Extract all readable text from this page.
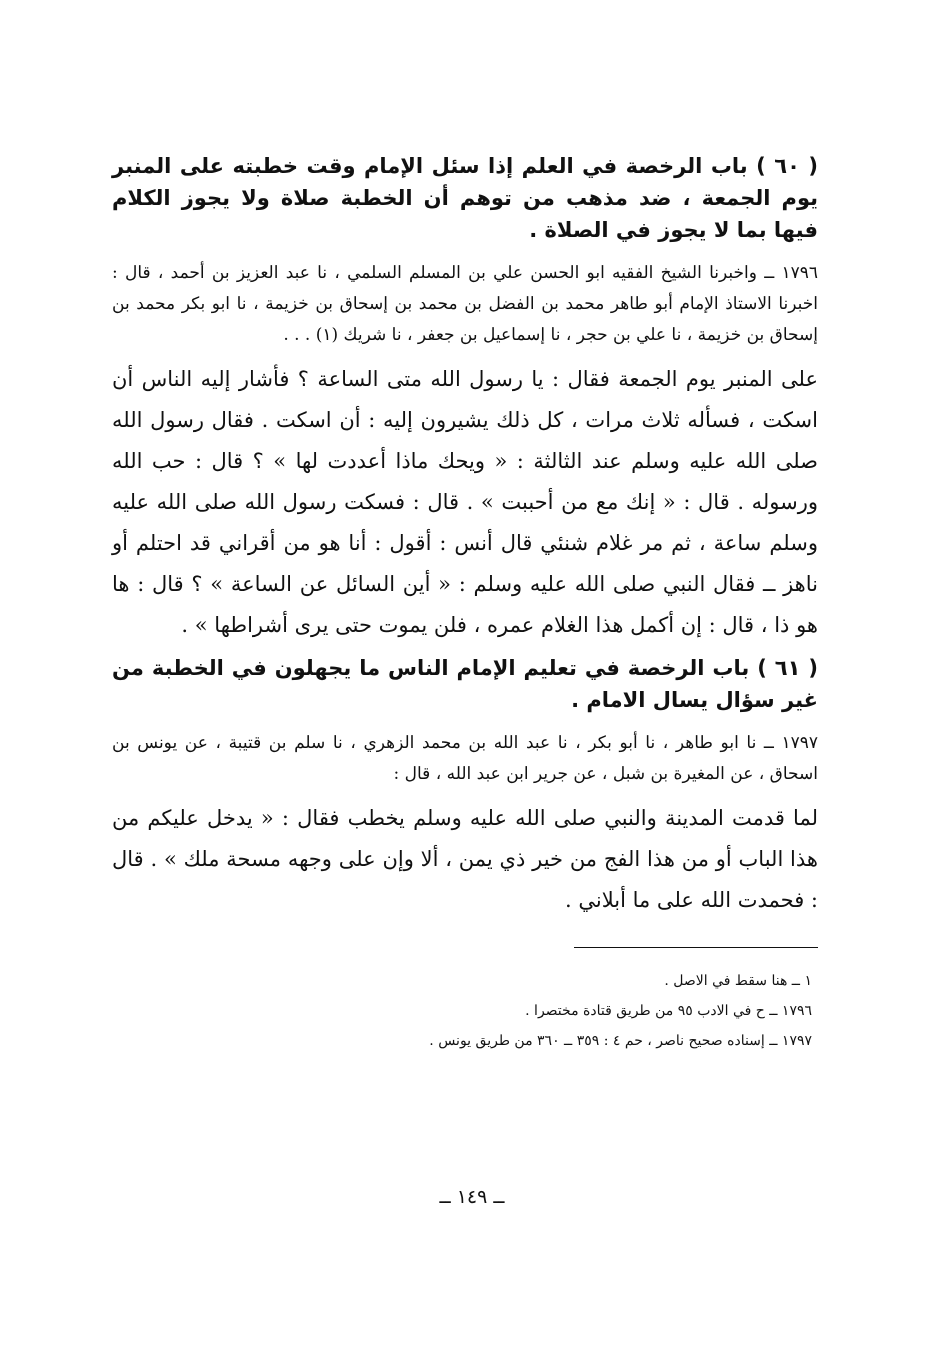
( ٦٠ ) باب الرخصة في العلم إذا سئل الإمام وقت خطبته على المنبر يوم الجمعة ، ضد مذهب من توهم أن الخطبة صلاة ولا يجوز الكلام فيها بما لا يجوز في الصلاة .

١٧٩٦ ــ واخبرنا الشيخ الفقيه ابو الحسن علي بن المسلم السلمي ، نا عبد العزيز بن أحمد ، قال : اخبرنا الاستاذ الإمام أبو طاهر محمد بن الفضل بن محمد بن إسحاق بن خزيمة ، نا ابو بكر محمد بن إسحاق بن خزيمة ، نا علي بن حجر ، نا إسماعيل بن جعفر ، نا شريك (١) . . .

على المنبر يوم الجمعة فقال : يا رسول الله متى الساعة ؟ فأشار إليه الناس أن اسكت ، فسأله ثلاث مرات ، كل ذلك يشيرون إليه : أن اسكت . فقال رسول الله صلى الله عليه وسلم عند الثالثة : « ويحك ماذا أعددت لها » ؟ قال : حب الله ورسوله . قال : « إنك مع من أحببت » . قال : فسكت رسول الله صلى الله عليه وسلم ساعة ، ثم مر غلام شنئي قال أنس : أقول : أنا هو من أقراني قد احتلم أو ناهز ــ فقال النبي صلى الله عليه وسلم : « أين السائل عن الساعة » ؟ قال : ها هو ذا ، قال : إن أكمل هذا الغلام عمره ، فلن يموت حتى يرى أشراطها » .

( ٦١ ) باب الرخصة في تعليم الإمام الناس ما يجهلون في الخطبة من غير سؤال يسال الامام .

١٧٩٧ ــ نا ابو طاهر ، نا أبو بكر ، نا عبد الله بن محمد الزهري ، نا سلم بن قتيبة ، عن يونس بن اسحاق ، عن المغيرة بن شبل ، عن جرير ابن عبد الله ، قال :

لما قدمت المدينة والنبي صلى الله عليه وسلم يخطب فقال : « يدخل عليكم من هذا الباب أو من هذا الفج من خير ذي يمن ، ألا وإن على وجهه مسحة ملك » . قال : فحمدت الله على ما أبلاني .

١ ــ هنا سقط في الاصل .
١٧٩٦ ــ ح في الادب ٩٥ من طريق قتادة مختصرا .
١٧٩٧ ــ إسناده صحيح ناصر ، حم ٤ : ٣٥٩ ــ ٣٦٠ من طريق يونس .
ــ ١٤٩ ــ
